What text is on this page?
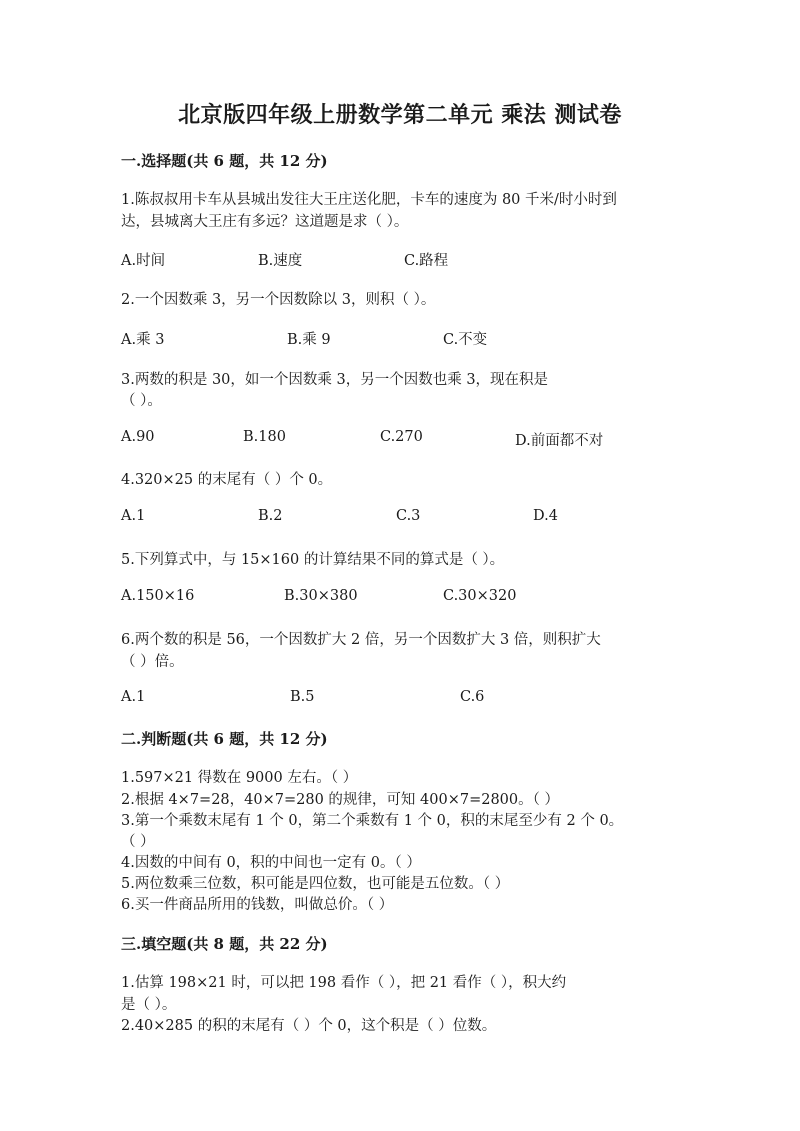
北京版四年级上册数学第二单元 乘法 测试卷
一.选择题(共 6 题，共 12 分)
1.陈叔叔用卡车从县城出发往大王庄送化肥，卡车的速度为 80 千米/时小时到
达，县城离大王庄有多远？这道题是求（ ）。
A.时间	B.速度	C.路程
2.一个因数乘 3，另一个因数除以 3，则积（ ）。
A.乘 3	B.乘 9	C.不变
3.两数的积是 30，如一个因数乘 3，另一个因数也乘 3，现在积是
（ ）。
A.90	B.180	C.270	D.前面都不对
4.320×25 的末尾有（ ）个 0。
A.1	B.2	C.3	D.4
5.下列算式中，与 15×160 的计算结果不同的算式是（ ）。
A.150×16	B.30×380	C.30×320
6.两个数的积是 56，一个因数扩大 2 倍，另一个因数扩大 3 倍，则积扩大
（ ）倍。
A.1	B.5	C.6
二.判断题(共 6 题，共 12 分)
1.597×21 得数在 9000 左右。（ ）
2.根据 4×7=28，40×7=280 的规律，可知 400×7=2800。（ ）
3.第一个乘数末尾有 1 个 0，第二个乘数有 1 个 0，积的末尾至少有 2 个 0。
（ ）
4.因数的中间有 0，积的中间也一定有 0。（ ）
5.两位数乘三位数，积可能是四位数，也可能是五位数。（ ）
6.买一件商品所用的钱数，叫做总价。（ ）
三.填空题(共 8 题，共 22 分)
1.估算 198×21 时，可以把 198 看作（ ），把 21 看作（ ），积大约
是（ ）。
2.40×285 的积的末尾有（ ）个 0，这个积是（ ）位数。
